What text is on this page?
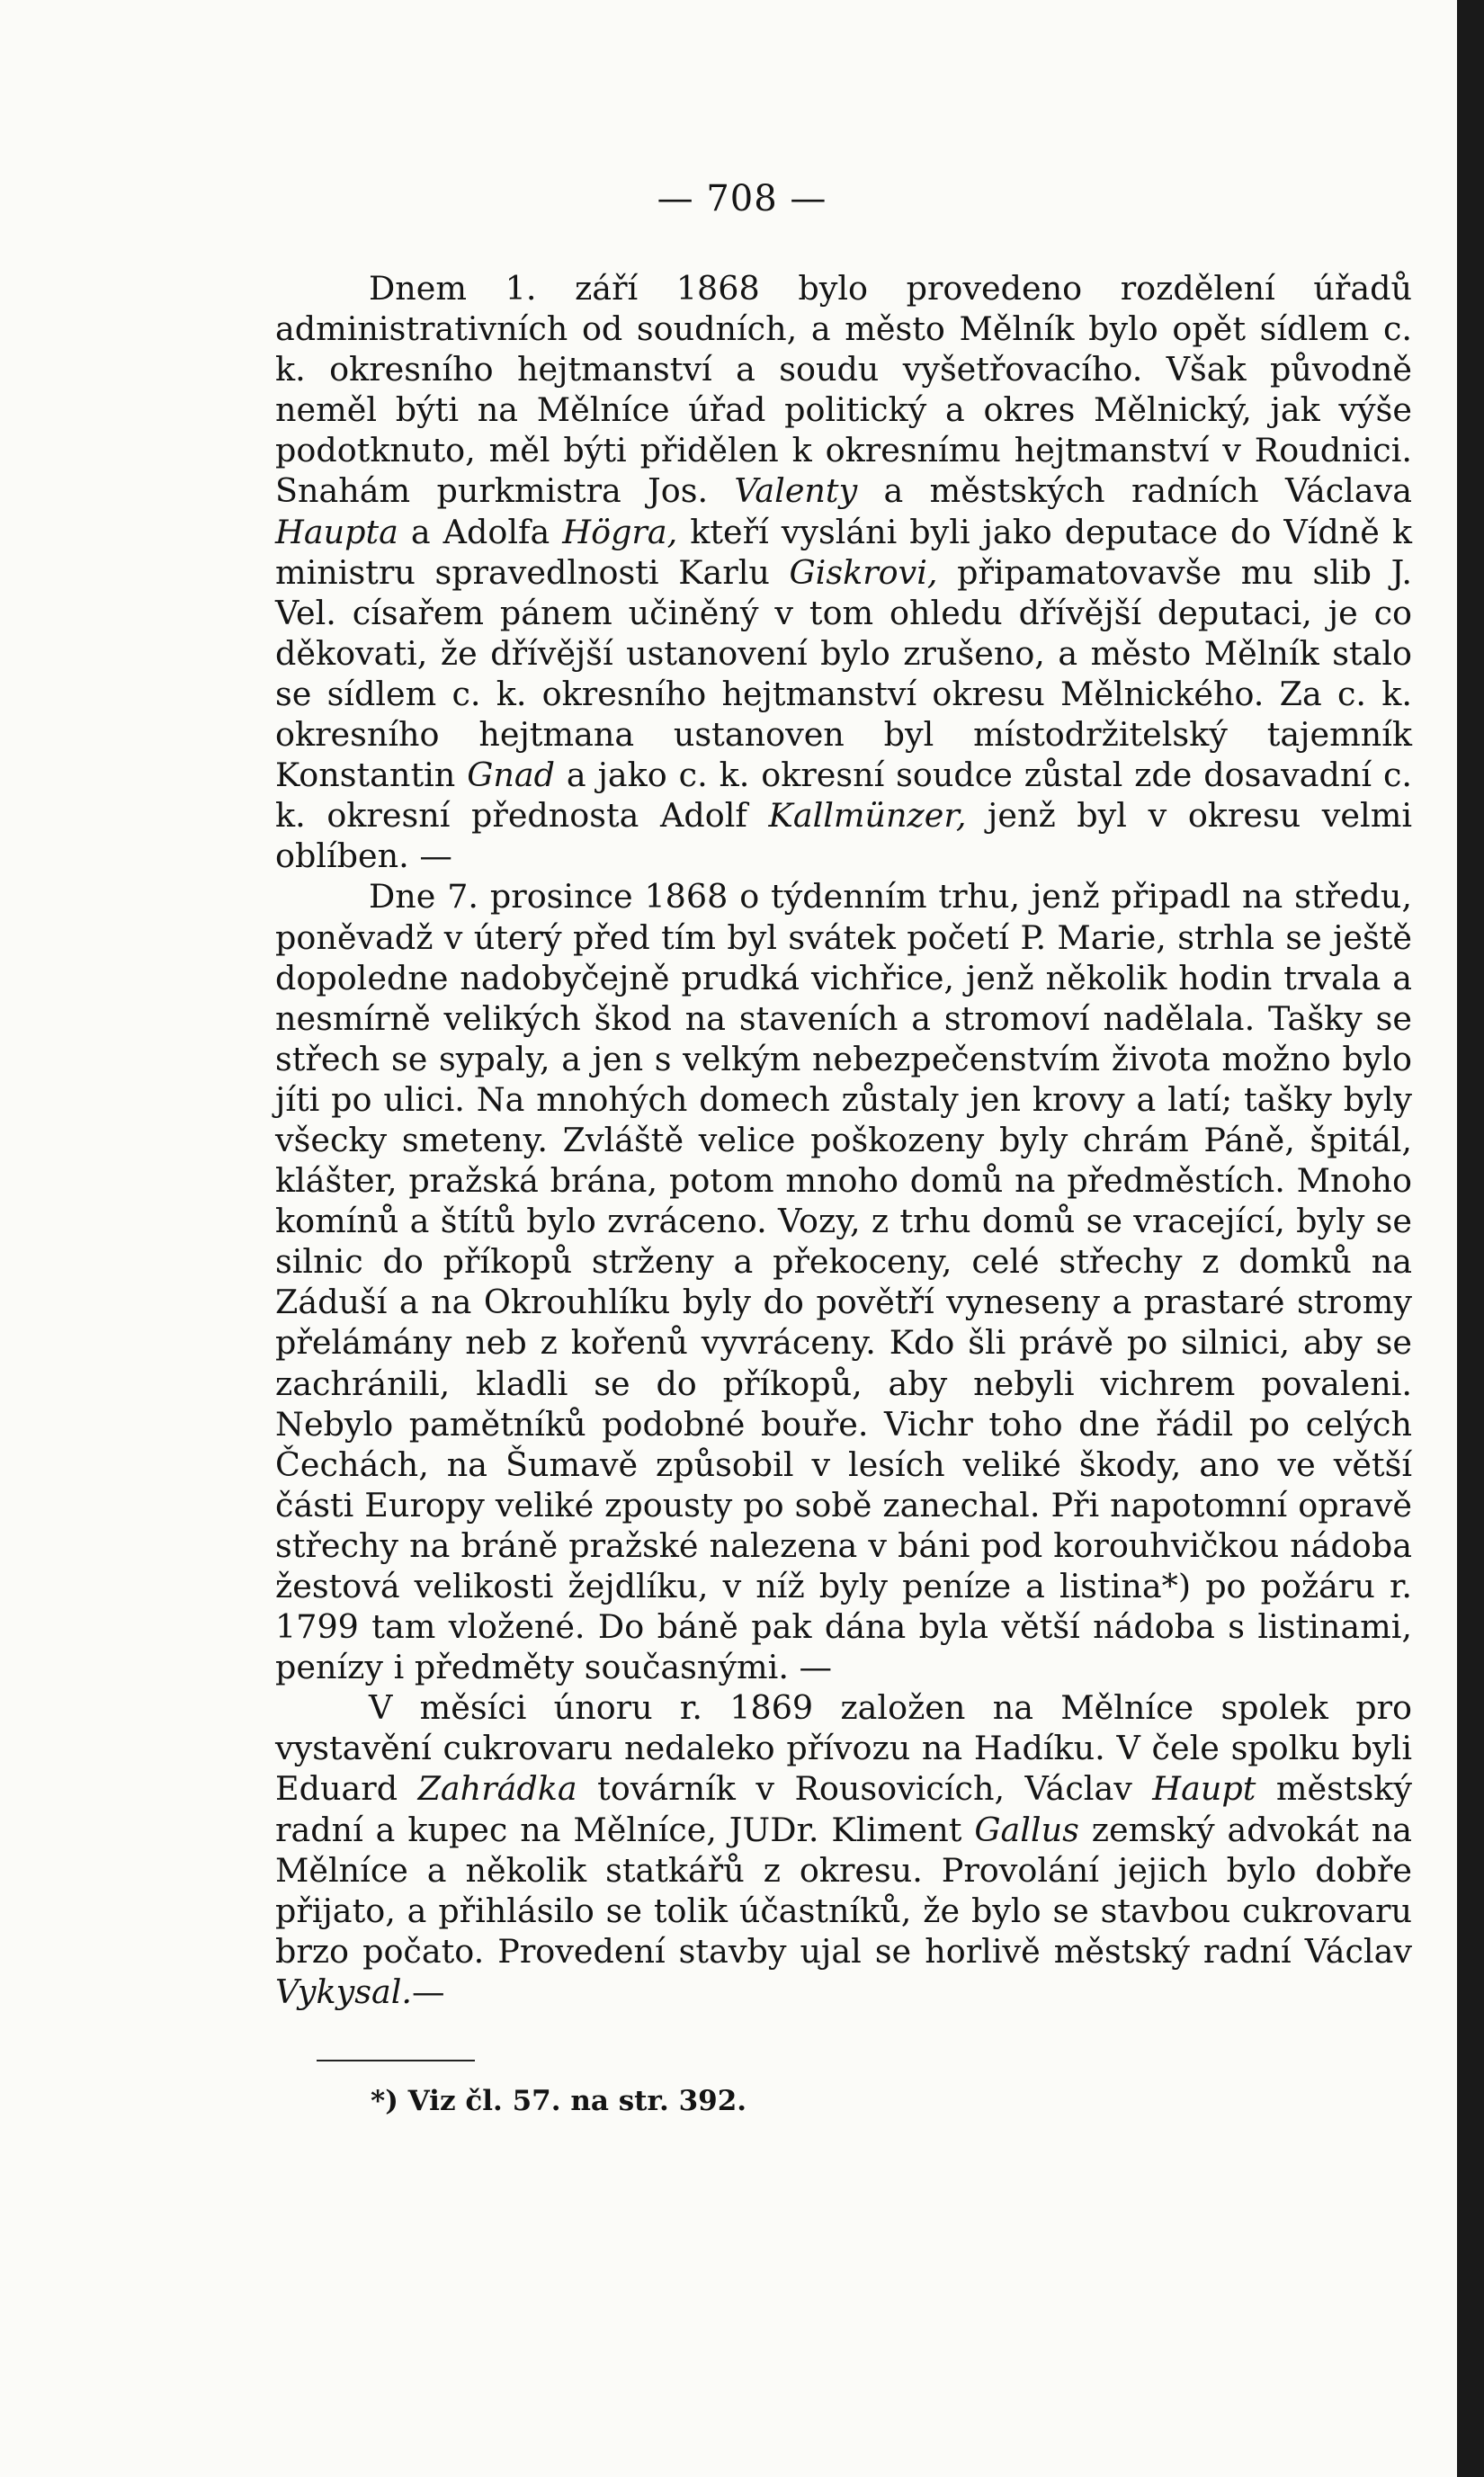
— 708 —

Dnem 1. září 1868 bylo provedeno rozdělení úřadů administrativních od soudních, a město Mělník bylo opět sídlem c. k. okresního hejtmanství a soudu vyšetřovacího. Však původně neměl býti na Mělníce úřad politický a okres Mělnický, jak výše podotknuto, měl býti přidělen k okresnímu hejtmanství v Roudnici. Snahám purkmistra Jos. Valenty a městských radních Václava Haupta a Adolfa Högra, kteří vysláni byli jako deputace do Vídně k ministru spravedlnosti Karlu Giskrovi, připamatovavše mu slib J. Vel. císařem pánem učiněný v tom ohledu dřívější deputaci, je co děkovati, že dřívější ustanovení bylo zrušeno, a město Mělník stalo se sídlem c. k. okresního hejtmanství okresu Mělnického. Za c. k. okresního hejtmana ustanoven byl místodržitelský tajemník Konstantin Gnad a jako c. k. okresní soudce zůstal zde dosavadní c. k. okresní přednosta Adolf Kallmünzer, jenž byl v okresu velmi oblíben. —

Dne 7. prosince 1868 o týdenním trhu, jenž připadl na středu, poněvadž v úterý před tím byl svátek početí P. Marie, strhla se ještě dopoledne nadobyčejně prudká vichřice, jenž několik hodin trvala a nesmírně velikých škod na staveních a stromoví nadělala. Tašky se střech se sypaly, a jen s velkým nebezpečenstvím života možno bylo jíti po ulici. Na mnohých domech zůstaly jen krovy a latí; tašky byly všecky smeteny. Zvláště velice poškozeny byly chrám Páně, špitál, klášter, pražská brána, potom mnoho domů na předměstích. Mnoho komínů a štítů bylo zvráceno. Vozy, z trhu domů se vracející, byly se silnic do příkopů strženy a překoceny, celé střechy z domků na Záduší a na Okrouhlíku byly do povětří vyneseny a prastaré stromy přelámány neb z kořenů vyvráceny. Kdo šli právě po silnici, aby se zachránili, kladli se do příkopů, aby nebyli vichrem povaleni. Nebylo pamětníků podobné bouře. Vichr toho dne řádil po celých Čechách, na Šumavě způsobil v lesích veliké škody, ano ve větší části Europy veliké zpousty po sobě zanechal. Při napotomní opravě střechy na bráně pražské nalezena v báni pod korouhvičkou nádoba žestová velikosti žejdlíku, v níž byly peníze a listina*) po požáru r. 1799 tam vložené. Do báně pak dána byla větší nádoba s listinami, penízy i předměty současnými. —

V měsíci únoru r. 1869 založen na Mělníce spolek pro vystavění cukrovaru nedaleko přívozu na Hadíku. V čele spolku byli Eduard Zahrádka továrník v Rousovicích, Václav Haupt městský radní a kupec na Mělníce, JUDr. Kliment Gallus zemský advokát na Mělníce a několik statkářů z okresu. Provolání jejich bylo dobře přijato, a přihlásilo se tolik účastníků, že bylo se stavbou cukrovaru brzo počato. Provedení stavby ujal se horlivě městský radní Václav Vykysal.—

*) Viz čl. 57. na str. 392.
